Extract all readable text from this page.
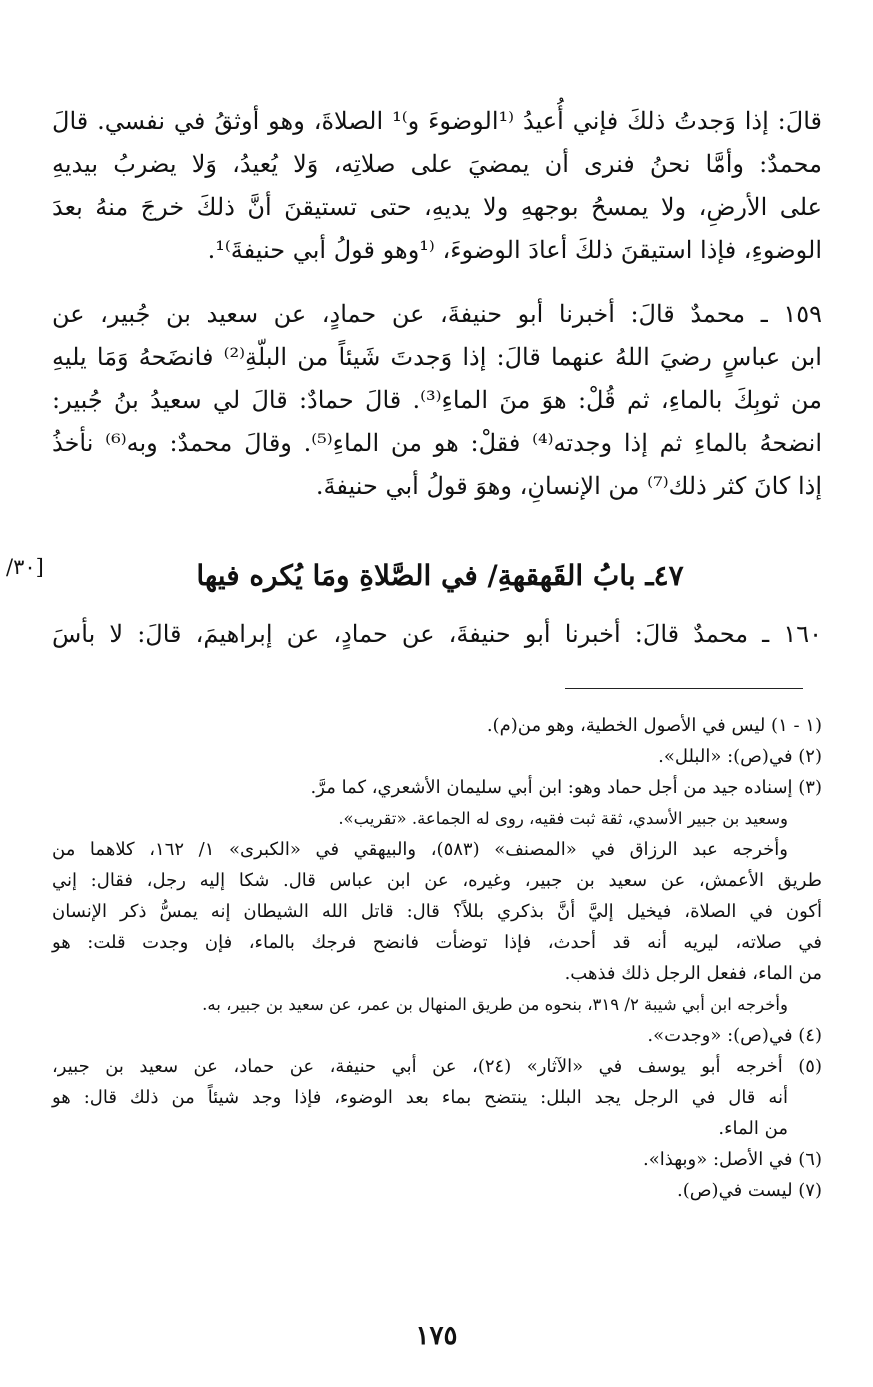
قالَ: إذا وَجدتُ ذلكَ فإني أُعيدُ ⁽¹الوضوءَ و⁾¹ الصلاةَ، وهو أوثقُ في نفسي. قالَ
محمدٌ: وأمَّا نحنُ فنرى أن يمضيَ على صلاتِه، وَلا يُعيدُ، وَلا يضربُ بيديهِ
على الأرضِ، ولا يمسحُ بوجههِ ولا يديهِ، حتى تستيقنَ أنَّ ذلكَ خرجَ منهُ بعدَ
الوضوءِ، فإذا استيقنَ ذلكَ أعادَ الوضوءَ، ⁽¹وهو قولُ أبي حنيفةَ⁾¹.
١٥٩ ـ محمدٌ قالَ: أخبرنا أبو حنيفةَ، عن حمادٍ، عن سعيد بن جُبير، عن
ابن عباسٍ رضيَ اللهُ عنهما قالَ: إذا وَجدتَ شَيئاً من البلّةِ⁽²⁾ فانضَحهُ وَمَا يليهِ
من ثوبِكَ بالماءِ، ثم قُلْ: هوَ منَ الماءِ⁽³⁾. قالَ حمادٌ: قالَ لي سعيدُ بنُ جُبير:
انضحهُ بالماءِ ثم إذا وجدته⁽⁴⁾ فقلْ: هو من الماءِ⁽⁵⁾. وقالَ محمدٌ: وبه⁽⁶⁾ نأخذُ
إذا كانَ كثر ذلك⁽⁷⁾ من الإنسانِ، وهوَ قولُ أبي حنيفةَ.
٤٧ـ بابُ القَهقهةِ/ في الصَّلاةِ ومَا يُكره فيها
[٣٠/
١٦٠ ـ محمدٌ قالَ: أخبرنا أبو حنيفةَ، عن حمادٍ، عن إبراهيمَ، قالَ: لا بأسَ
(١ - ١) ليس في الأصول الخطية، وهو من(م).
(٢) في(ص): «البلل».
(٣) إسناده جيد من أجل حماد وهو: ابن أبي سليمان الأشعري، كما مرَّ.
وسعيد بن جبير الأسدي، ثقة ثبت فقيه، روى له الجماعة. «تقريب».
وأخرجه عبد الرزاق في «المصنف» (٥٨٣)، والبيهقي في «الكبرى» ١/ ١٦٢، كلاهما من
طريق الأعمش، عن سعيد بن جبير، وغيره، عن ابن عباس قال. شكا إليه رجل، فقال: إني
أكون في الصلاة، فيخيل إليَّ أنَّ بذكري بللاً؟ قال: قاتل الله الشيطان إنه يمسُّ ذكر الإنسان
في صلاته، ليريه أنه قد أحدث، فإذا توضأت فانضح فرجك بالماء، فإن وجدت قلت: هو
من الماء، ففعل الرجل ذلك فذهب.
وأخرجه ابن أبي شيبة ٢/ ٣١٩، بنحوه من طريق المنهال بن عمر، عن سعيد بن جبير، به.
(٤) في(ص): «وجدت».
(٥) أخرجه أبو يوسف في «الآثار» (٢٤)، عن أبي حنيفة، عن حماد، عن سعيد بن جبير،
أنه قال في الرجل يجد البلل: ينتضح بماء بعد الوضوء، فإذا وجد شيئاً من ذلك قال: هو
من الماء.
(٦) في الأصل: «وبهذا».
(٧) ليست في(ص).
١٧٥
